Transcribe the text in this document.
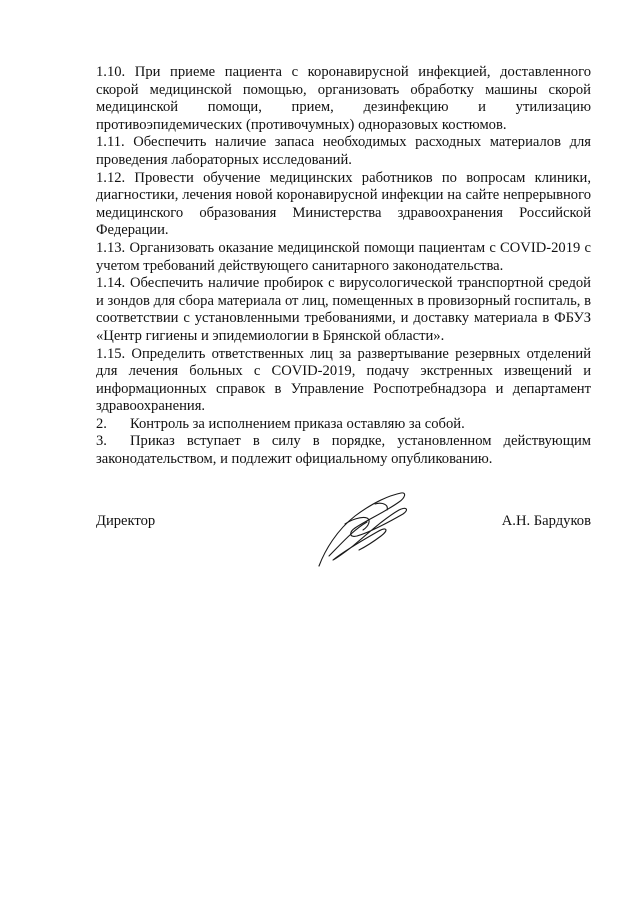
1.10. При приеме пациента с коронавирусной инфекцией, доставленного скорой медицинской помощью, организовать обработку машины скорой медицинской помощи, прием, дезинфекцию и утилизацию противоэпидемических (противочумных) одноразовых костюмов.

1.11. Обеспечить наличие запаса необходимых расходных материалов для проведения лабораторных исследований.

1.12. Провести обучение медицинских работников по вопросам клиники, диагностики, лечения новой коронавирусной инфекции на сайте непрерывного медицинского образования Министерства здравоохранения Российской Федерации.

1.13. Организовать оказание медицинской помощи пациентам с COVID-2019 с учетом требований действующего санитарного законодательства.

1.14. Обеспечить наличие пробирок с вирусологической транспортной средой и зондов для сбора материала от лиц, помещенных в провизорный госпиталь, в соответствии с установленными требованиями, и доставку материала в ФБУЗ «Центр гигиены и эпидемиологии в Брянской области».

1.15. Определить ответственных лиц за развертывание резервных отделений для лечения больных с COVID-2019, подачу экстренных извещений и информационных справок в Управление Роспотребнадзора и департамент здравоохранения.

2. Контроль за исполнением приказа оставляю за собой.

3. Приказ вступает в силу в порядке, установленном действующим законодательством, и подлежит официальному опубликованию.

Директор	А.Н. Бардуков
